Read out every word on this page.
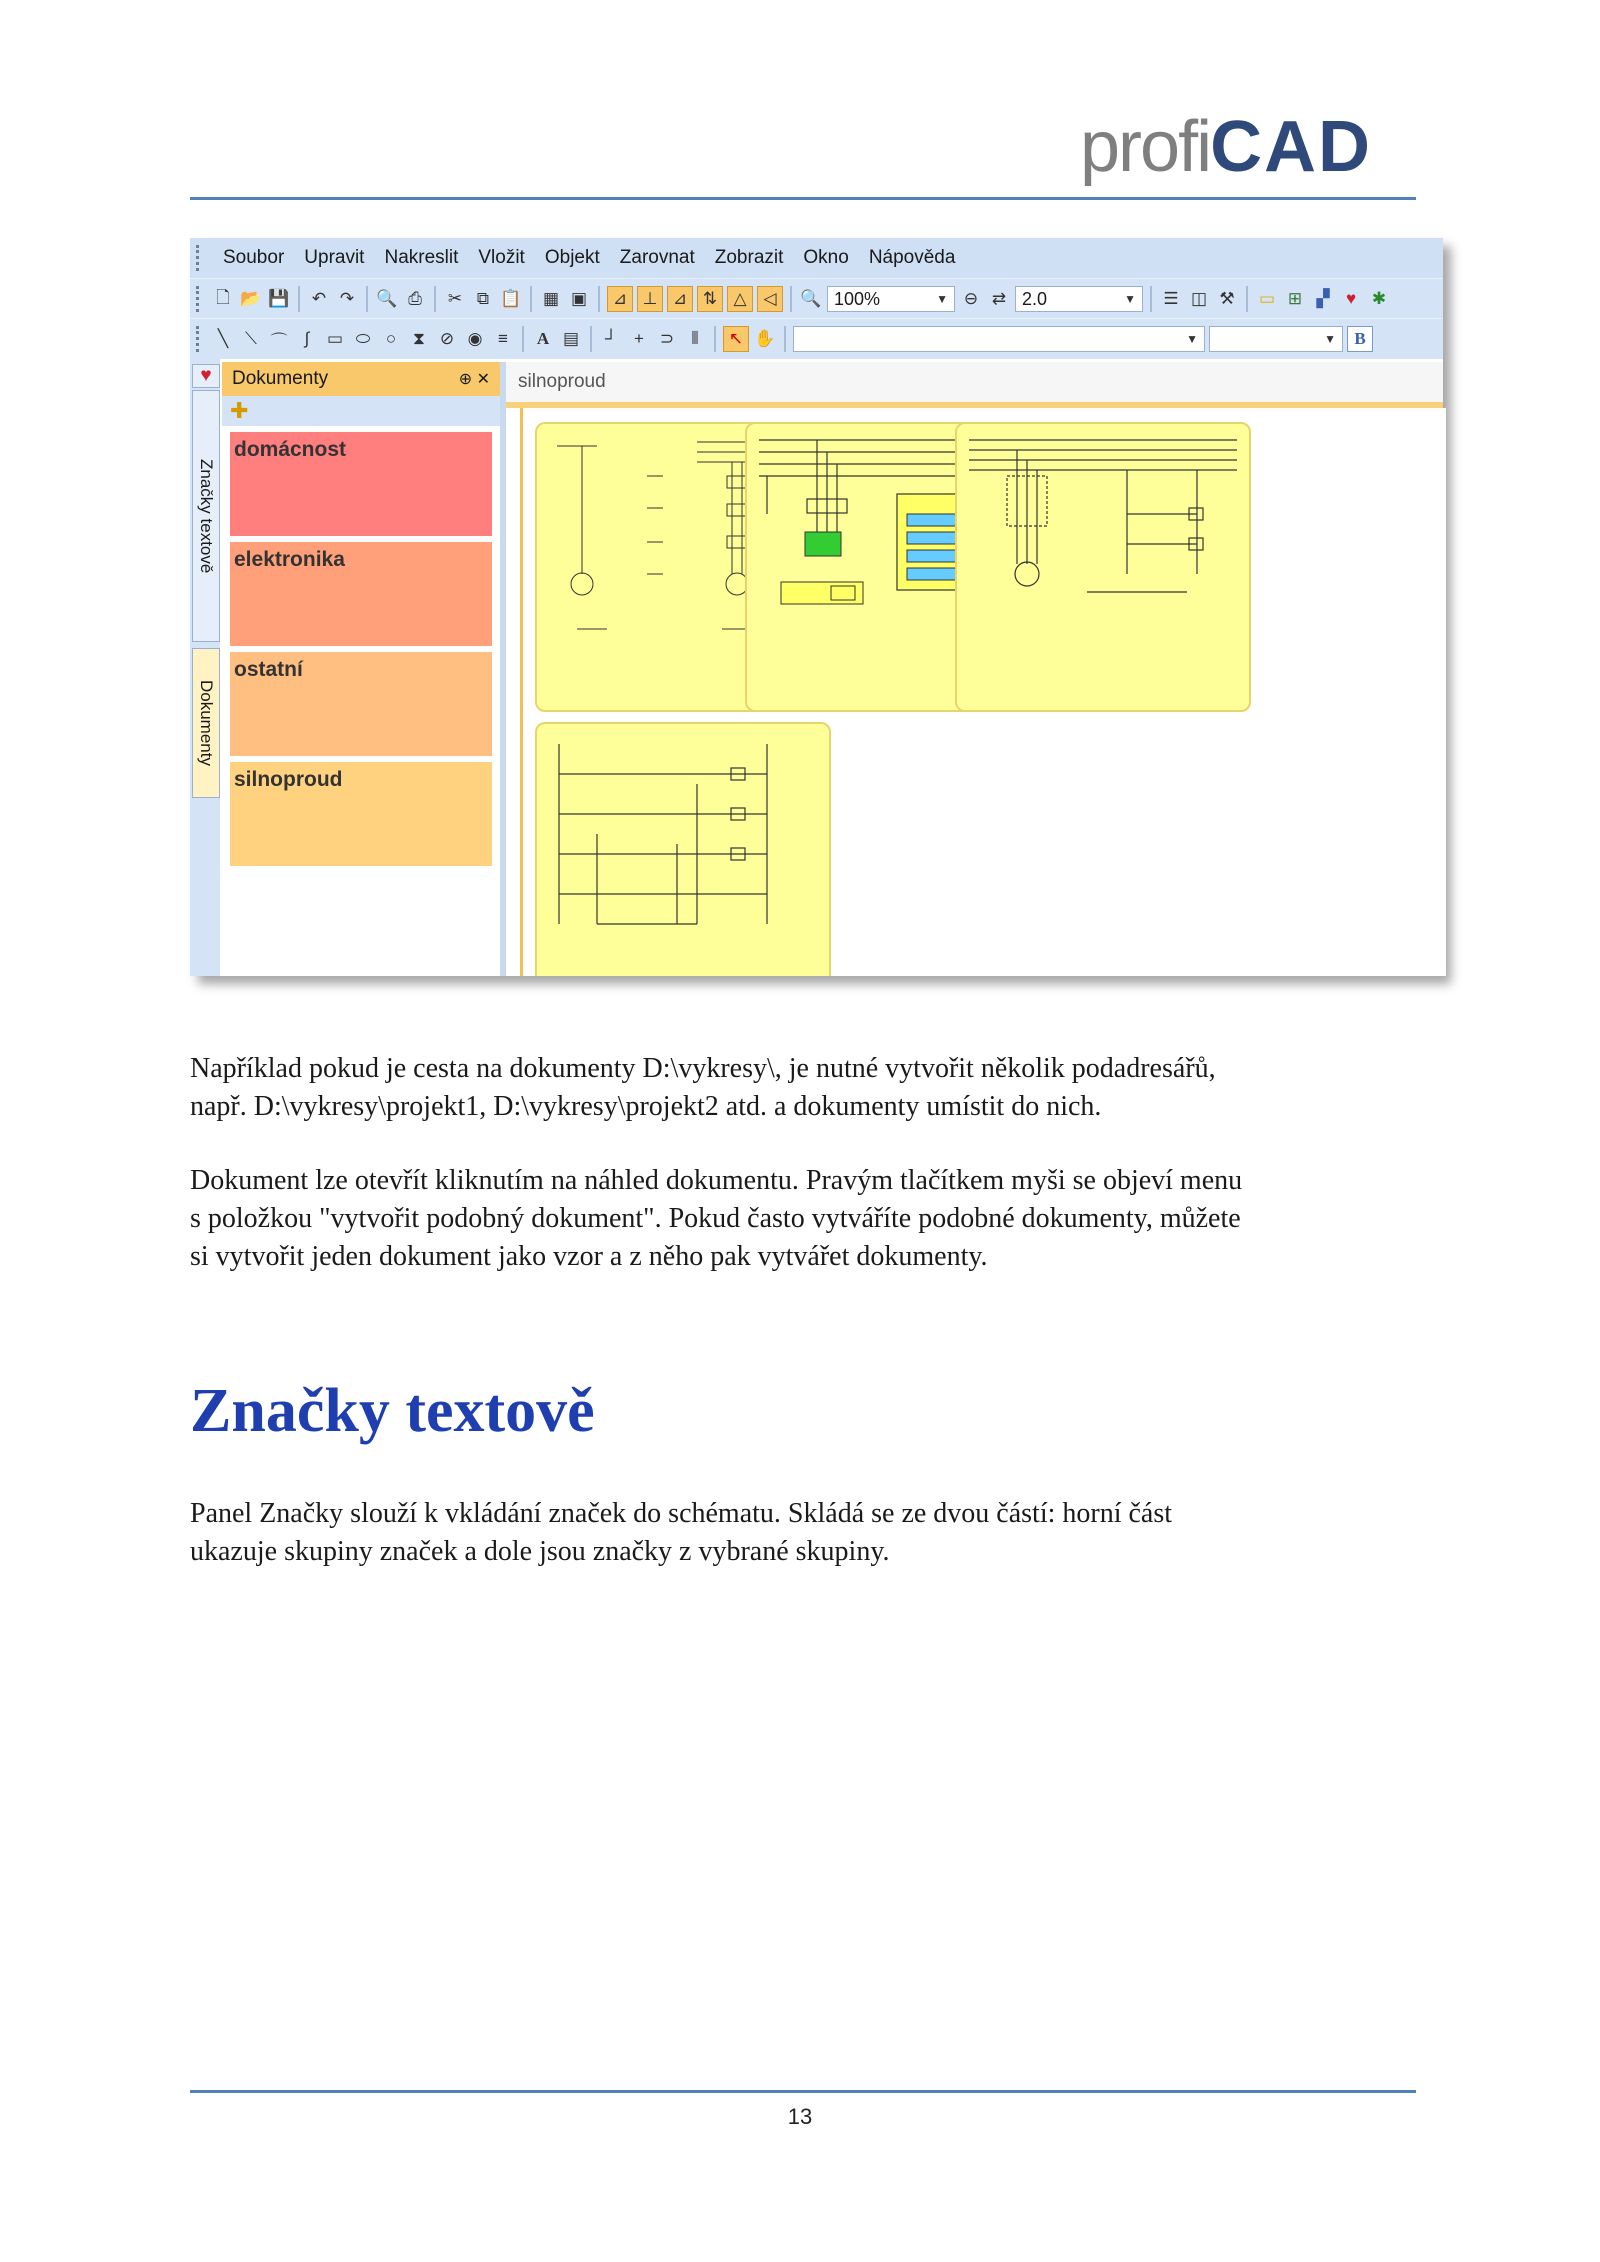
profiCAD
Soubor	Upravit	Nakreslit	Vložit	Objekt	Zarovnat	Zobrazit	Okno	Nápověda
🗋 📂 💾 ↶ ↷ 🔍 ⎙	✂ ⧉ 📋 ▦ ▣	⊿ ⊥ ⊿ ⇅ △ ◁	🔍 100%	▼ ⊖ ⇄ 2.0	▼ ☰ ◫ ⚒ ▭ ⊞ ▞ ♥ ✱
╲ ⟍ ⌒	∫	▭ ⬭ ○ ⧗ ⊘ ◉ ≡	A ▤	┘	+ ⊃	⦀	↖ ✋	▼	▼	B
♥
Značky textově
Dokumenty
Dokumenty	⊕ ✕
✚
domácnost
elektronika
ostatní
silnoproud
silnoproud

Například pokud je cesta na dokumenty D:\vykresy\, je nutné vytvořit několik podadresářů,
např. D:\vykresy\projekt1, D:\vykresy\projekt2 atd. a dokumenty umístit do nich.

Dokument lze otevřít kliknutím na náhled dokumentu. Pravým tlačítkem myši se objeví menu
s položkou "vytvořit podobný dokument". Pokud často vytváříte podobné dokumenty, můžete
si vytvořit jeden dokument jako vzor a z něho pak vytvářet dokumenty.

Značky textově

Panel Značky slouží k vkládání značek do schématu. Skládá se ze dvou částí: horní část
ukazuje skupiny značek a dole jsou značky z vybrané skupiny.

13
